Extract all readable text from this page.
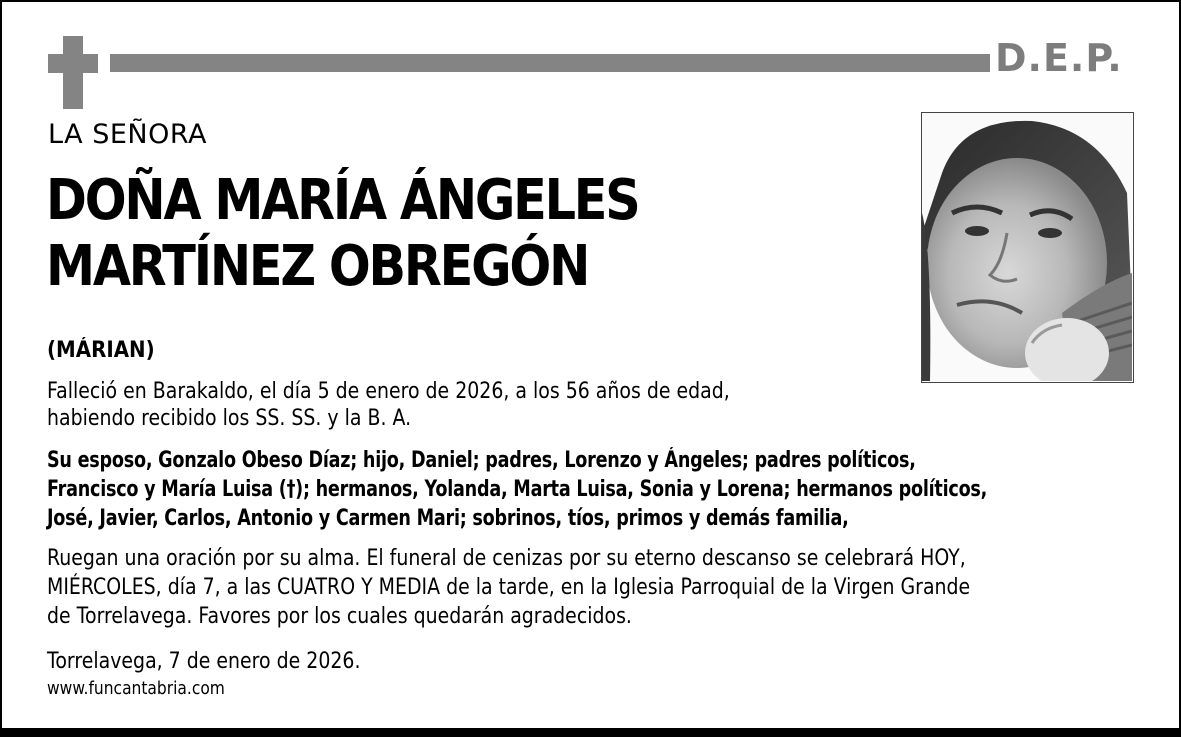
D.E.P.
LA SEÑORA
DOÑA MARÍA ÁNGELES
MARTÍNEZ OBREGÓN
(MÁRIAN)
Falleció en Barakaldo, el día 5 de enero de 2026, a los 56 años de edad,
habiendo recibido los SS. SS. y la B. A.
Su esposo, Gonzalo Obeso Díaz; hijo, Daniel; padres, Lorenzo y Ángeles; padres políticos,
Francisco y María Luisa (†); hermanos, Yolanda, Marta Luisa, Sonia y Lorena; hermanos políticos,
José, Javier, Carlos, Antonio y Carmen Mari; sobrinos, tíos, primos y demás familia,
Ruegan una oración por su alma. El funeral de cenizas por su eterno descanso se celebrará HOY,
MIÉRCOLES, día 7, a las CUATRO Y MEDIA de la tarde, en la Iglesia Parroquial de la Virgen Grande
de Torrelavega. Favores por los cuales quedarán agradecidos.
Torrelavega, 7 de enero de 2026.
www.funcantabria.com
